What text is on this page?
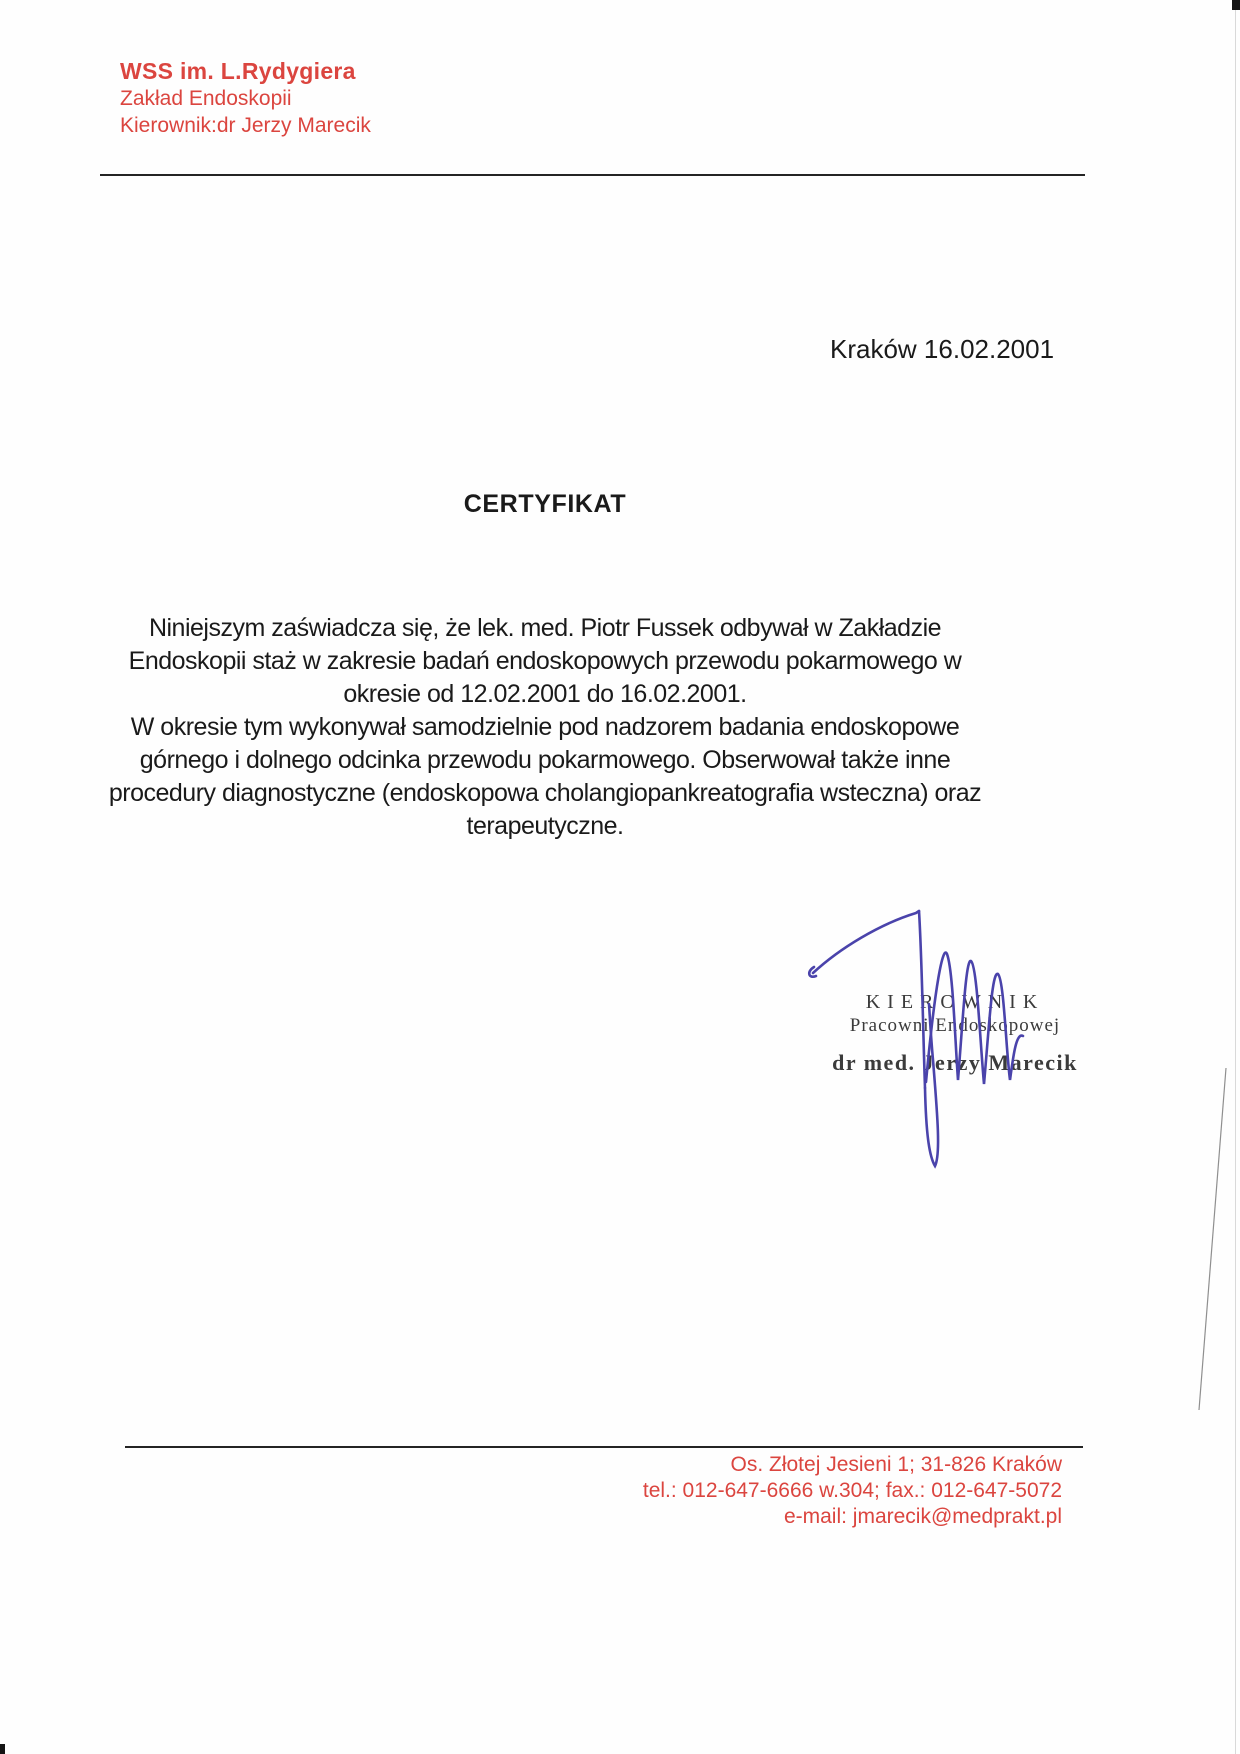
WSS im. L.Rydygiera
Zakład Endoskopii
Kierownik:dr Jerzy Marecik
Kraków 16.02.2001
CERTYFIKAT
Niniejszym zaświadcza się, że lek. med. Piotr Fussek odbywał w Zakładzie
Endoskopii staż w zakresie badań endoskopowych przewodu pokarmowego w
okresie od 12.02.2001 do 16.02.2001.
W okresie tym wykonywał samodzielnie pod nadzorem badania endoskopowe
górnego i dolnego odcinka przewodu pokarmowego. Obserwował także inne
procedury diagnostyczne (endoskopowa cholangiopankreatografia wsteczna) oraz
terapeutyczne.
KIEROWNIK
Pracowni Endoskopowej
dr med. Jerzy Marecik
Os. Złotej Jesieni 1; 31-826 Kraków
tel.: 012-647-6666 w.304; fax.: 012-647-5072
e-mail: jmarecik@medprakt.pl
